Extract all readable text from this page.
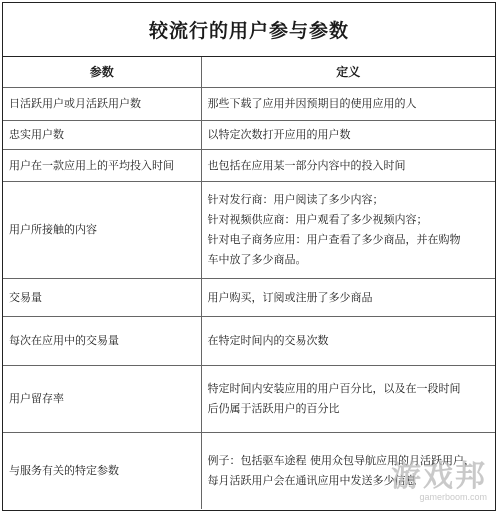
较流行的用户参与参数
参数	定义
日活跃用户或月活跃用户数	那些下载了应用并因预期目的使用应用的人

忠实用户数	以特定次数打开应用的用户数

用户在一款应用上的平均投入时间	也包括在应用某一部分内容中的投入时间

用户所接触的内容	针对发行商：用户阅读了多少内容；
针对视频供应商：用户观看了多少视频内容；
针对电子商务应用：用户查看了多少商品，并在购物
车中放了多少商品。

交易量	用户购买，订阅或注册了多少商品

每次在应用中的交易量	在特定时间内的交易次数

用户留存率	特定时间内安装应用的用户百分比，以及在一段时间
后仍属于活跃用户的百分比

与服务有关的特定参数	例子：包括驱车途程 使用众包导航应用的月活跃用户，
每月活跃用户会在通讯应用中发送多少信息
游戏邦
gamerboom.com
